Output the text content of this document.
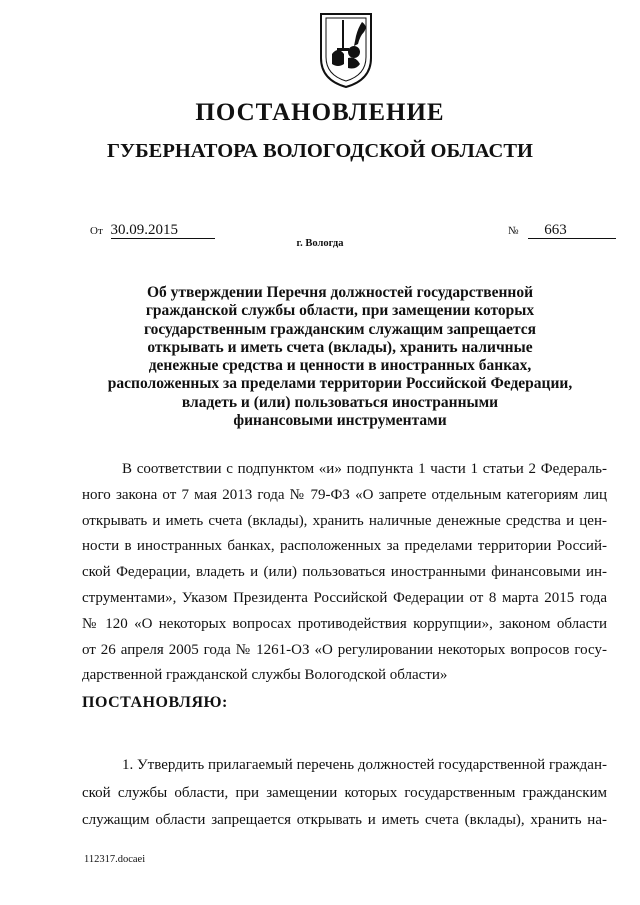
ПОСТАНОВЛЕНИЕ
ГУБЕРНАТОРА ВОЛОГОДСКОЙ ОБЛАСТИ
От 30.09.2015	№ 663
г. Вологда
Об утверждении Перечня должностей государственной
гражданской службы области, при замещении которых
государственным гражданским служащим запрещается
открывать и иметь счета (вклады), хранить наличные
денежные средства и ценности в иностранных банках,
расположенных за пределами территории Российской Федерации,
владеть и (или) пользоваться иностранными
финансовыми инструментами
В соответствии с подпунктом «и» подпункта 1 части 1 статьи 2 Федераль-
ного закона от 7 мая 2013 года № 79-ФЗ «О запрете отдельным категориям лиц
открывать и иметь счета (вклады), хранить наличные денежные средства и цен-
ности в иностранных банках, расположенных за пределами территории Россий-
ской Федерации, владеть и (или) пользоваться иностранными финансовыми ин-
струментами», Указом Президента Российской Федерации от 8 марта 2015 года
№ 120 «О некоторых вопросах противодействия коррупции», законом области
от 26 апреля 2005 года № 1261-ОЗ «О регулировании некоторых вопросов госу-
дарственной гражданской службы Вологодской области»
ПОСТАНОВЛЯЮ:
1. Утвердить прилагаемый перечень должностей государственной граждан-
ской службы области, при замещении которых государственным гражданским
служащим области запрещается открывать и иметь счета (вклады), хранить на-
112317.docaei
